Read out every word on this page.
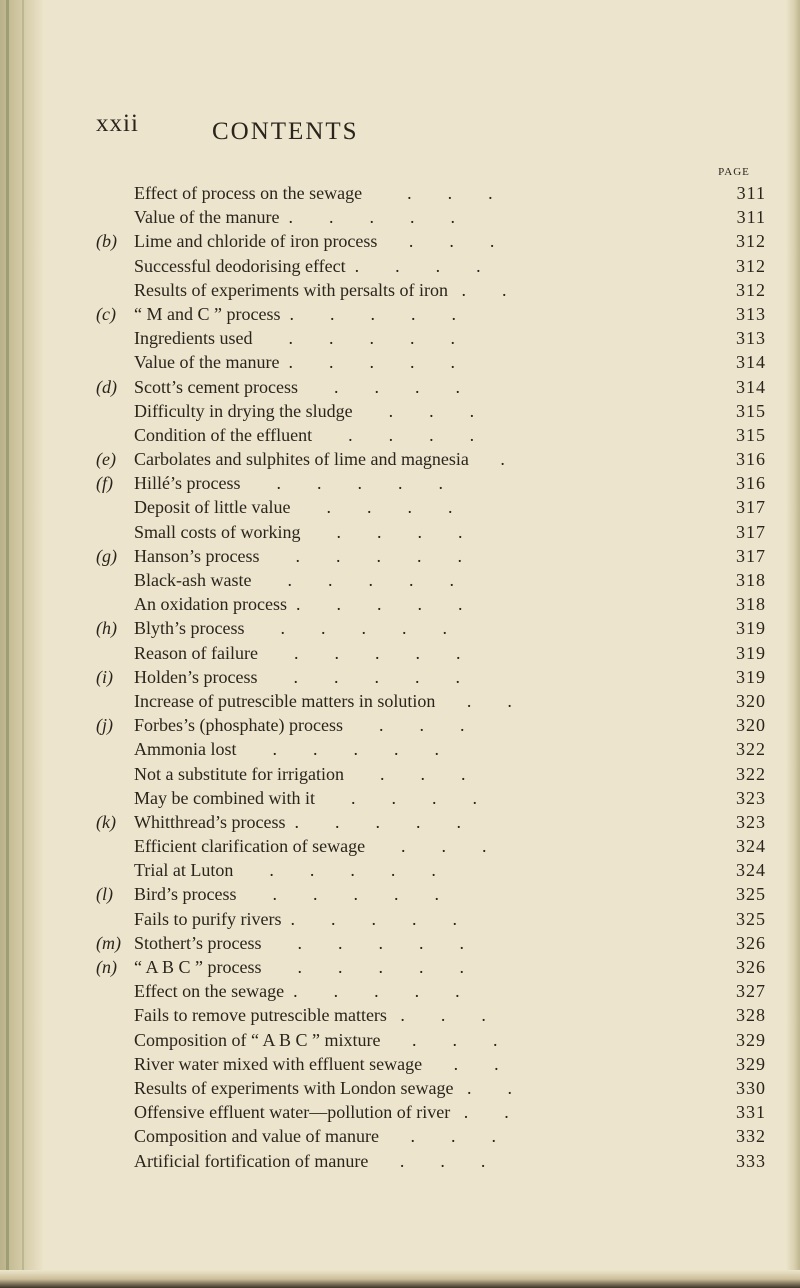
xxii	CONTENTS
PAGE
Effect of process on the sewage          .        .        .	311
Value of the manure  .        .        .        .        .	311
(b) Lime and chloride of iron process       .        .        .	312
Successful deodorising effect  .        .        .        .	312
Results of experiments with persalts of iron   .        .	312
(c) “ M and C ” process  .        .        .        .        .	313
Ingredients used        .        .        .        .        .	313
Value of the manure  .        .        .        .        .	314
(d) Scott’s cement process        .        .        .        .	314
Difficulty in drying the sludge        .        .        .	315
Condition of the effluent        .        .        .        .	315
(e) Carbolates and sulphites of lime and magnesia       .	316
(f) Hillé’s process        .        .        .        .        .	316
Deposit of little value        .        .        .        .	317
Small costs of working        .        .        .        .	317
(g) Hanson’s process        .        .        .        .        .	317
Black-ash waste        .        .        .        .        .	318
An oxidation process  .        .        .        .        .	318
(h) Blyth’s process        .        .        .        .        .	319
Reason of failure        .        .        .        .        .	319
(i) Holden’s process        .        .        .        .        .	319
Increase of putrescible matters in solution       .        .	320
(j) Forbes’s (phosphate) process        .        .        .	320
Ammonia lost        .        .        .        .        .	322
Not a substitute for irrigation        .        .        .	322
May be combined with it        .        .        .        .	323
(k) Whitthread’s process  .        .        .        .        .	323
Efficient clarification of sewage        .        .        .	324
Trial at Luton        .        .        .        .        .	324
(l) Bird’s process        .        .        .        .        .	325
Fails to purify rivers  .        .        .        .        .	325
(m) Stothert’s process        .        .        .        .        .	326
(n) “ A B C ” process        .        .        .        .        .	326
Effect on the sewage  .        .        .        .        .	327
Fails to remove putrescible matters   .        .        .	328
Composition of “ A B C ” mixture       .        .        .	329
River water mixed with effluent sewage       .        .	329
Results of experiments with London sewage   .        .	330
Offensive effluent water—pollution of river   .        .	331
Composition and value of manure       .        .        .	332
Artificial fortification of manure       .        .        .	333
